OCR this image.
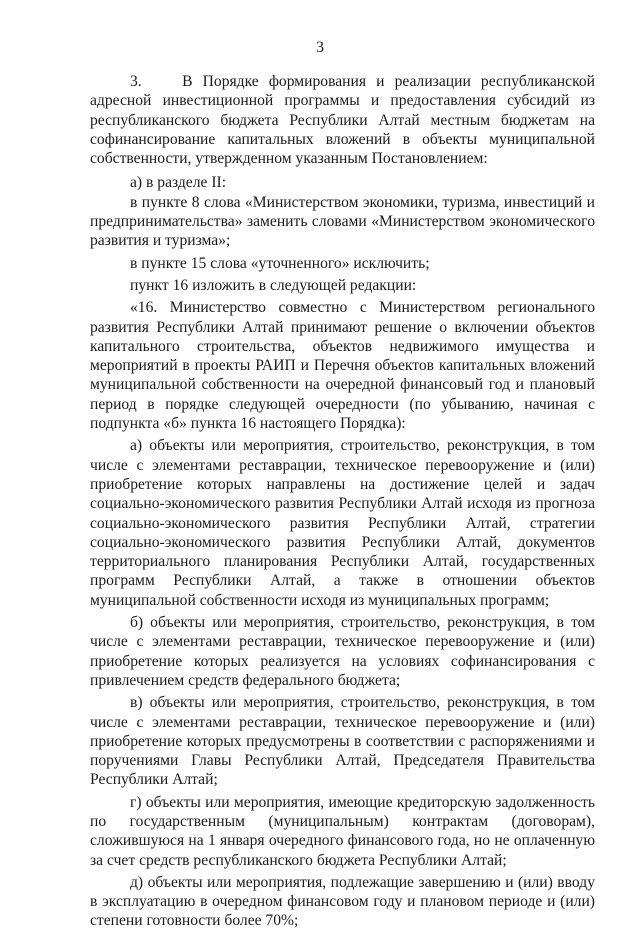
3

3.    В Порядке формирования и реализации республиканской адресной инвестиционной программы и предоставления субсидий из республиканского бюджета Республики Алтай местным бюджетам на софинансирование капитальных вложений в объекты муниципальной собственности, утвержденном указанным Постановлением:

а) в разделе II:

в пункте 8 слова «Министерством экономики, туризма, инвестиций и предпринимательства» заменить словами «Министерством экономического развития и туризма»;

в пункте 15 слова «уточненного» исключить;

пункт 16 изложить в следующей редакции:

«16. Министерство совместно с Министерством регионального развития Республики Алтай принимают решение о включении объектов капитального строительства, объектов недвижимого имущества и мероприятий в проекты РАИП и Перечня объектов капитальных вложений муниципальной собственности на очередной финансовый год и плановый период в порядке следующей очередности (по убыванию, начиная с подпункта «б» пункта 16 настоящего Порядка):

а) объекты или мероприятия, строительство, реконструкция, в том числе с элементами реставрации, техническое перевооружение и (или) приобретение которых направлены на достижение целей и задач социально-экономического развития Республики Алтай исходя из прогноза социально-экономического развития Республики Алтай, стратегии социально-экономического развития Республики Алтай, документов территориального планирования Республики Алтай, государственных программ Республики Алтай, а также в отношении объектов муниципальной собственности исходя из муниципальных программ;

б) объекты или мероприятия, строительство, реконструкция, в том числе с элементами реставрации, техническое перевооружение и (или) приобретение которых реализуется на условиях софинансирования с привлечением средств федерального бюджета;

в) объекты или мероприятия, строительство, реконструкция, в том числе с элементами реставрации, техническое перевооружение и (или) приобретение которых предусмотрены в соответствии с распоряжениями и поручениями Главы Республики Алтай, Председателя Правительства Республики Алтай;

г) объекты или мероприятия, имеющие кредиторскую задолженность по государственным (муниципальным) контрактам (договорам), сложившуюся на 1 января очередного финансового года, но не оплаченную за счет средств республиканского бюджета Республики Алтай;

д) объекты или мероприятия, подлежащие завершению и (или) вводу в эксплуатацию в очередном финансовом году и плановом периоде и (или) степени готовности более 70%;
